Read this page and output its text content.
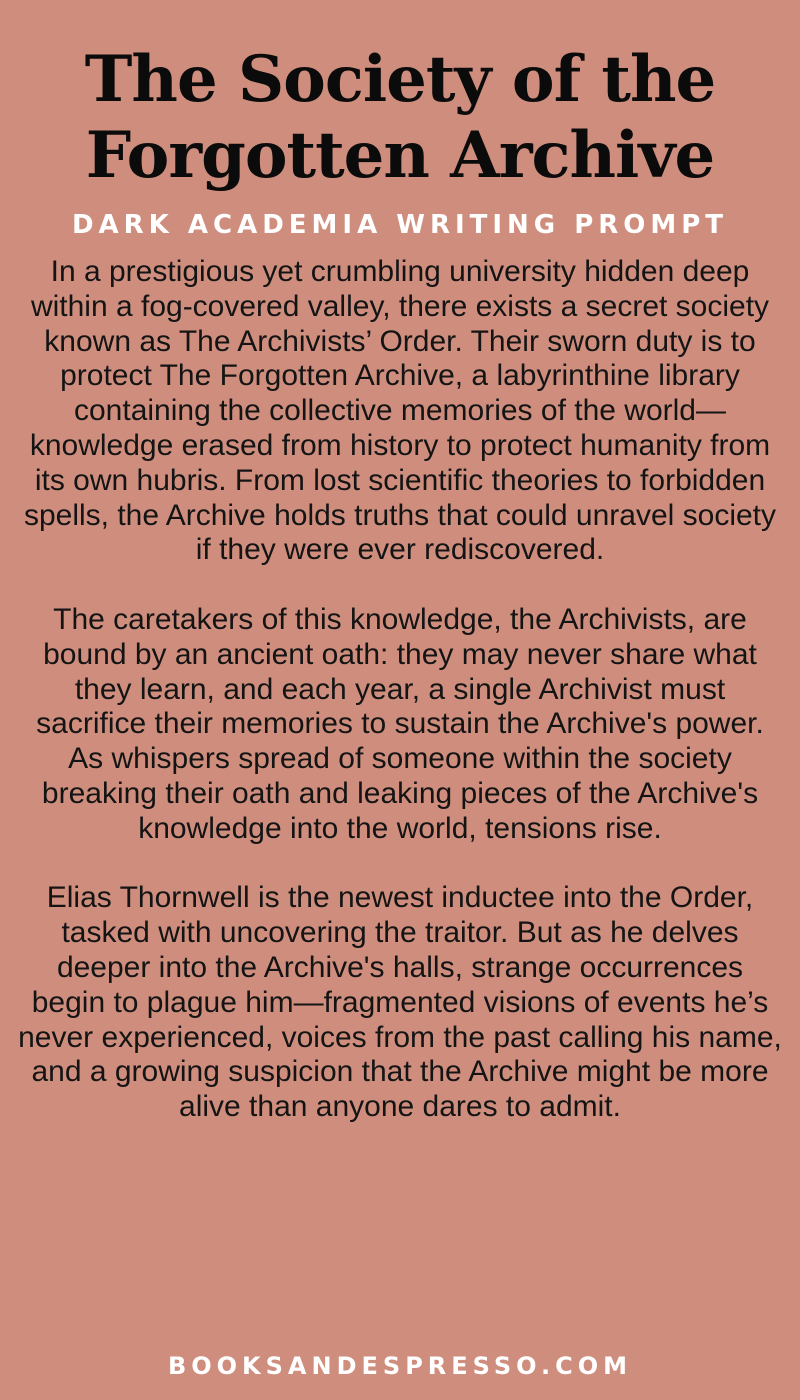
The Society of the
Forgotten Archive
DARK ACADEMIA WRITING PROMPT

In a prestigious yet crumbling university hidden deep within a fog-covered valley, there exists a secret society known as The Archivists’ Order. Their sworn duty is to protect The Forgotten Archive, a labyrinthine library containing the collective memories of the world—knowledge erased from history to protect humanity from its own hubris. From lost scientific theories to forbidden spells, the Archive holds truths that could unravel society if they were ever rediscovered.

The caretakers of this knowledge, the Archivists, are bound by an ancient oath: they may never share what they learn, and each year, a single Archivist must sacrifice their memories to sustain the Archive's power. As whispers spread of someone within the society breaking their oath and leaking pieces of the Archive's knowledge into the world, tensions rise.

Elias Thornwell is the newest inductee into the Order, tasked with uncovering the traitor. But as he delves deeper into the Archive's halls, strange occurrences begin to plague him—fragmented visions of events he’s never experienced, voices from the past calling his name, and a growing suspicion that the Archive might be more alive than anyone dares to admit.

BOOKSANDESPRESSO.COM
